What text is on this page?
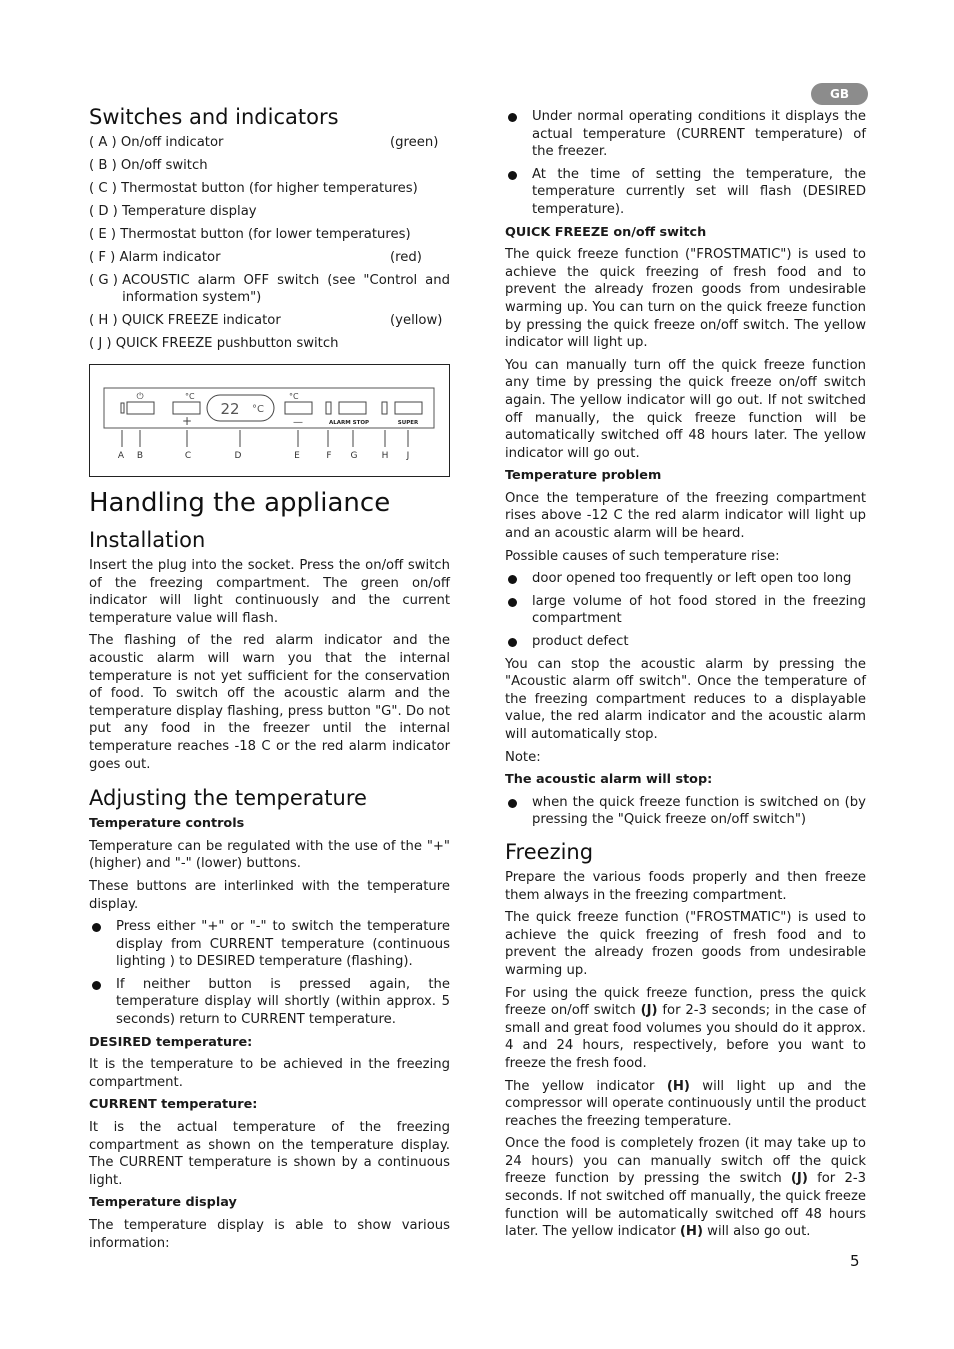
GB
Switches and indicators
( A ) On/off indicator	(green)
( B ) On/off switch
( C ) Thermostat button (for higher temperatures)
( D ) Temperature display
( E ) Thermostat button (for lower temperatures)
( F ) Alarm indicator	(red)
( G ) ACOUSTIC alarm OFF switch (see "Control and information system")
( H ) QUICK FREEZE indicator	(yellow)
( J ) QUICK FREEZE pushbutton switch
⏻	°C
+
22 °C
°C
—	ALARM STOP	SUPER
A B	C	D	E	F G	H J
Handling the appliance
Installation

Insert the plug into the socket. Press the on/off switch of the freezing compartment. The green on/off indicator will light continuously and the current temperature value will flash.

The flashing of the red alarm indicator and the acoustic alarm will warn you that the internal temperature is not yet sufficient for the conservation of food. To switch off the acoustic alarm and the temperature display flashing, press button "G". Do not put any food in the freezer until the internal temperature reaches -18 C or the red alarm indicator goes out.

Adjusting the temperature
Temperature controls

Temperature can be regulated with the use of the "+" (higher) and "-" (lower) buttons.

These buttons are interlinked with the temperature display.

Press either "+" or "-" to switch the temperature display from CURRENT temperature (continuous lighting ) to DESIRED temperature (flashing).
If neither button is pressed again, the temperature display will shortly (within approx. 5 seconds) return to CURRENT temperature.
DESIRED temperature:

It is the temperature to be achieved in the freezing compartment.

CURRENT temperature:

It is the actual temperature of the freezing compartment as shown on the temperature display. The CURRENT temperature is shown by a continuous light.

Temperature display

The temperature display is able to show various information:

Under normal operating conditions it displays the actual temperature (CURRENT temperature) of the freezer.
At the time of setting the temperature, the temperature currently set will flash (DESIRED temperature).
QUICK FREEZE on/off switch

The quick freeze function ("FROSTMATIC") is used to achieve the quick freezing of fresh food and to prevent the already frozen goods from undesirable warming up. You can turn on the quick freeze function by pressing the quick freeze on/off switch. The yellow indicator will light up.

You can manually turn off the quick freeze function any time by pressing the quick freeze on/off switch again. The yellow indicator will go out. If not switched off manually, the quick freeze function will be automatically switched off 48 hours later. The yellow indicator will go out.

Temperature problem

Once the temperature of the freezing compartment rises above -12 C the red alarm indicator will light up and an acoustic alarm will be heard.

Possible causes of such temperature rise:

door opened too frequently or left open too long
large volume of hot food stored in the freezing compartment
product defect

You can stop the acoustic alarm by pressing the "Acoustic alarm off switch". Once the temperature of the freezing compartment reduces to a displayable value, the red alarm indicator and the acoustic alarm will automatically stop.

Note:

The acoustic alarm will stop:
when the quick freeze function is switched on (by pressing the "Quick freeze on/off switch")
Freezing

Prepare the various foods properly and then freeze them always in the freezing compartment.

The quick freeze function ("FROSTMATIC") is used to achieve the quick freezing of fresh food and to prevent the already frozen goods from undesirable warming up.

For using the quick freeze function, press the quick freeze on/off switch (J) for 2-3 seconds; in the case of small and great food volumes you should do it approx. 4 and 24 hours, respectively, before you want to freeze the fresh food.

The yellow indicator (H) will light up and the compressor will operate continuously until the product reaches the freezing temperature.

Once the food is completely frozen (it may take up to 24 hours) you can manually switch off the quick freeze function by pressing the switch (J) for 2-3 seconds. If not switched off manually, the quick freeze function will be automatically switched off 48 hours later. The yellow indicator (H) will also go out.

5
